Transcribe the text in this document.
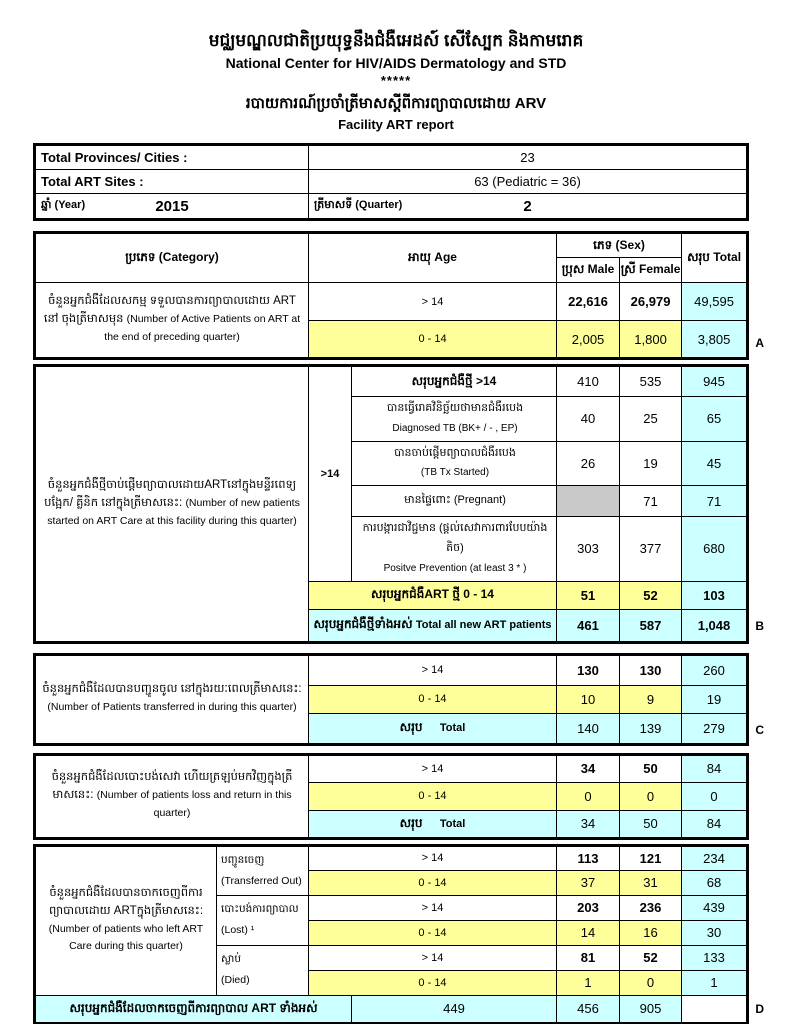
មជ្ឈមណ្ឌលជាតិប្រយុទ្ធនឹងជំងឺអេដស៍ សើស្បែក និងកាមរោគ
National Center for HIV/AIDS Dermatology and STD
*****
របាយការណ៍ប្រចាំត្រីមាសស្តីពីការព្យាបាលដោយ ARV
Facility ART report
Total Provinces/ Cities :	23
Total ART Sites :	63 (Pediatric = 36)

ឆ្នាំ (Year) 2015	ត្រីមាសទី (Quarter) 2
ប្រភេទ (Category)	អាយុ Age	ភេទ (Sex)		សរុប Total
		ប្រុស Male	ស្រី Female	
ចំនួនអ្នកជំងឺដែលសកម្ម ទទួលបានការព្យាបាលដោយ ART នៅ ចុងត្រី​មាសមុន (Number of Active Patients on ART at the end of preceding quarter)	> 14	22,616	26,979	49,595
	0 - 14	2,005	1,800	3,805 A
ចំនួនអ្នកជំងឺថ្មីចាប់ផ្តើមព្យាបាលដោយARTនៅក្នុងមន្ទីរពេទ្យបង្អែក/ គ្លីនិក នៅក្នុងត្រីមាសនេះ: (Number of new patients started on ART Care at this facility during this quarter)	>14	សរុបអ្នកជំងឺថ្មី >14	410	535	945
		បានធ្វើរោគវិនិច្ឆ័យថាមានជំងឺរបេង
Diagnosed TB (BK+ / - , EP)	40	25	65
		បានចាប់ផ្តើមព្យាបាលជំងឺរបេង
(TB Tx Started)	26	19	45
		មានផ្ទៃពោះ (Pregnant)		71	71
		ការបង្ការជាវិជ្ជមាន (ផ្តល់សេវាការពារបែបយ៉ាងតិច)
Positve Prevention (at least 3 * )	303	377	680
	សរុបអ្នកជំងឺART ថ្មី 0 - 14		51	52	103
	សរុបអ្នកជំងឺថ្មីទាំងអស់ Total all new ART patients		461	587	1,048 B
ចំនួនអ្នកជំងឺដែលបានបញ្ជូនចូល នៅក្នុងរយៈពេលត្រីមាសនេះ: (Number of Patients transferred in during this quarter)	> 14	130	130	260
	0 - 14	10	9	19
	សរុប Total	140	139	279	C
ចំនួនអ្នកជំងឺដែលបោះបង់សេវា ហើយត្រឡប់មកវិញក្នុងត្រីមាសនេះ: (Number of patients loss and return in this quarter)	> 14	34	50	84
	0 - 14	0	0	0
	សរុប Total	34	50	84
ចំនួនអ្នកជំងឺដែលបានចាកចេញពីការ ព្យាបាលដោយ ARTក្នុងត្រីមាសនេះ: (Number of patients who left ART Care during this quarter)	បញ្ជូនចេញ
(Transferred Out)	> 14		113	121	234
		0 - 14		37	31	68
	បោះបង់ការព្យាបាល
(Lost) ¹	> 14		203	236	439
		0 - 14		14	16	30
	ស្លាប់
(Died)	> 14		81	52	133
		0 - 14		1	0	1
សរុបអ្នកជំងឺដែលចាកចេញពីការព្យាបាល ART ទាំងអស់			449	456	905		D
